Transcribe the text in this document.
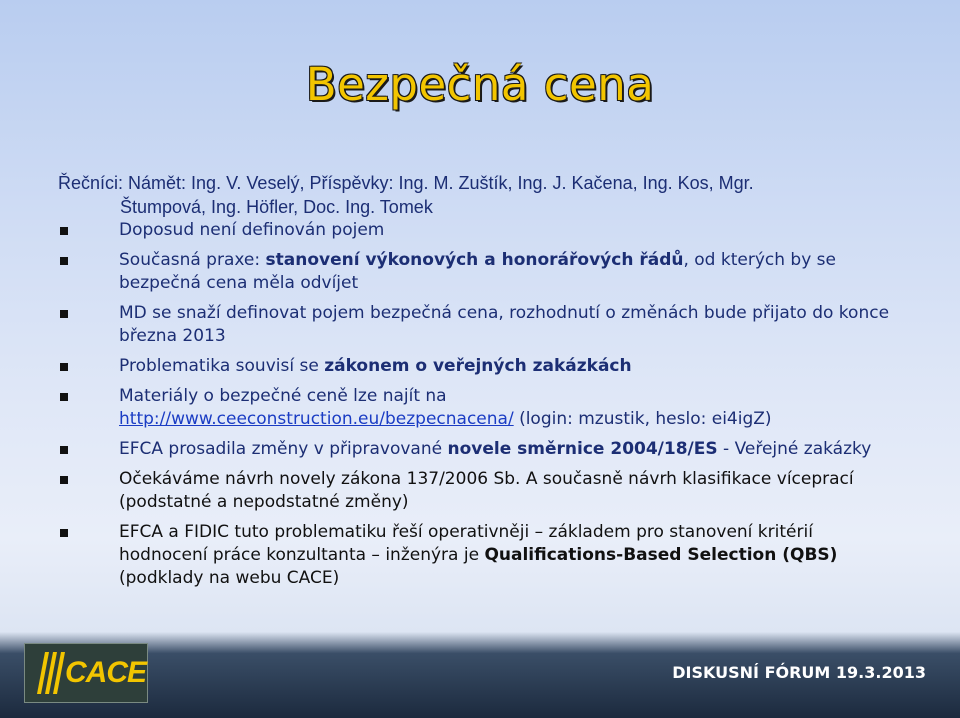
Bezpečná cena
Řečníci: Námět: Ing. V. Veselý, Příspěvky: Ing. M. Zuštík, Ing. J. Kačena, Ing. Kos, Mgr.
Štumpová, Ing. Höfler, Doc. Ing. Tomek
Doposud není definován pojem
Současná praxe: stanovení výkonových a honorářových řádů, od kterých by se bezpečná cena měla odvíjet
MD se snaží definovat pojem bezpečná cena, rozhodnutí o změnách bude přijato do konce března 2013
Problematika souvisí se zákonem o veřejných zakázkách
Materiály o bezpečné ceně lze najít na
http://www.ceeconstruction.eu/bezpecnacena/ (login: mzustik, heslo: ei4igZ)
EFCA prosadila změny v připravované novele směrnice 2004/18/ES - Veřejné zakázky
Očekáváme návrh novely zákona 137/2006 Sb. A současně návrh klasifikace víceprací (podstatné a nepodstatné změny)
EFCA a FIDIC tuto problematiku řeší operativněji – základem pro stanovení kritérií hodnocení práce konzultanta – inženýra je Qualifications-Based Selection (QBS) (podklady na webu CACE)
CACE	DISKUSNÍ FÓRUM 19.3.2013
